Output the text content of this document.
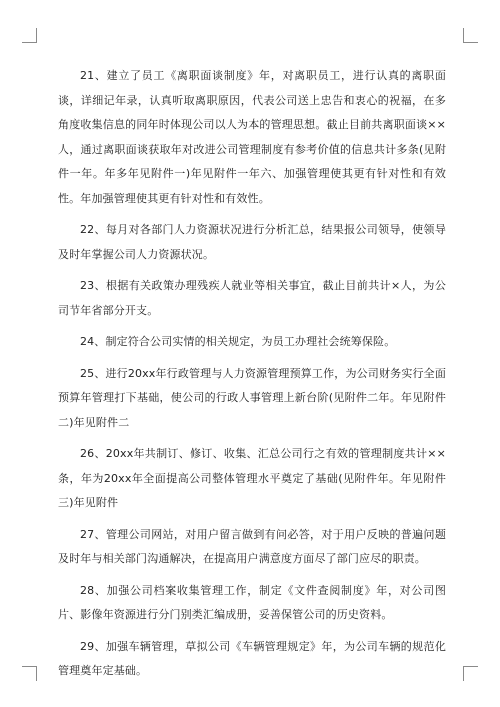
21、建立了员工《离职面谈制度》年，对离职员工，进行认真的离职面谈，详细记年录，认真听取离职原因，代表公司送上忠告和衷心的祝福，在多角度收集信息的同年时体现公司以人为本的管理思想。截止目前共离职面谈××人，通过离职面谈获取年对改进公司管理制度有参考价值的信息共计多条(见附件一年。年多年见附件一)年见附件一年六、加强管理使其更有针对性和有效性。年加强管理使其更有针对性和有效性。

22、每月对各部门人力资源状况进行分析汇总，结果报公司领导，使领导及时年掌握公司人力资源状况。

23、根据有关政策办理残疾人就业等相关事宜，截止目前共计×人，为公司节年省部分开支。

24、制定符合公司实情的相关规定，为员工办理社会统筹保险。

25、进行20xx年行政管理与人力资源管理预算工作，为公司财务实行全面预算年管理打下基础，使公司的行政人事管理上新台阶(见附件二年。年见附件二)年见附件二

26、20xx年共制订、修订、收集、汇总公司行之有效的管理制度共计××条，年为20xx年全面提高公司整体管理水平奠定了基础(见附件年。年见附件三)年见附件

27、管理公司网站，对用户留言做到有问必答，对于用户反映的普遍问题及时年与相关部门沟通解决，在提高用户满意度方面尽了部门应尽的职责。

28、加强公司档案收集管理工作，制定《文件查阅制度》年，对公司图片、影像年资源进行分门别类汇编成册，妥善保管公司的历史资料。

29、加强车辆管理，草拟公司《车辆管理规定》年，为公司车辆的规范化管理奠年定基础。
